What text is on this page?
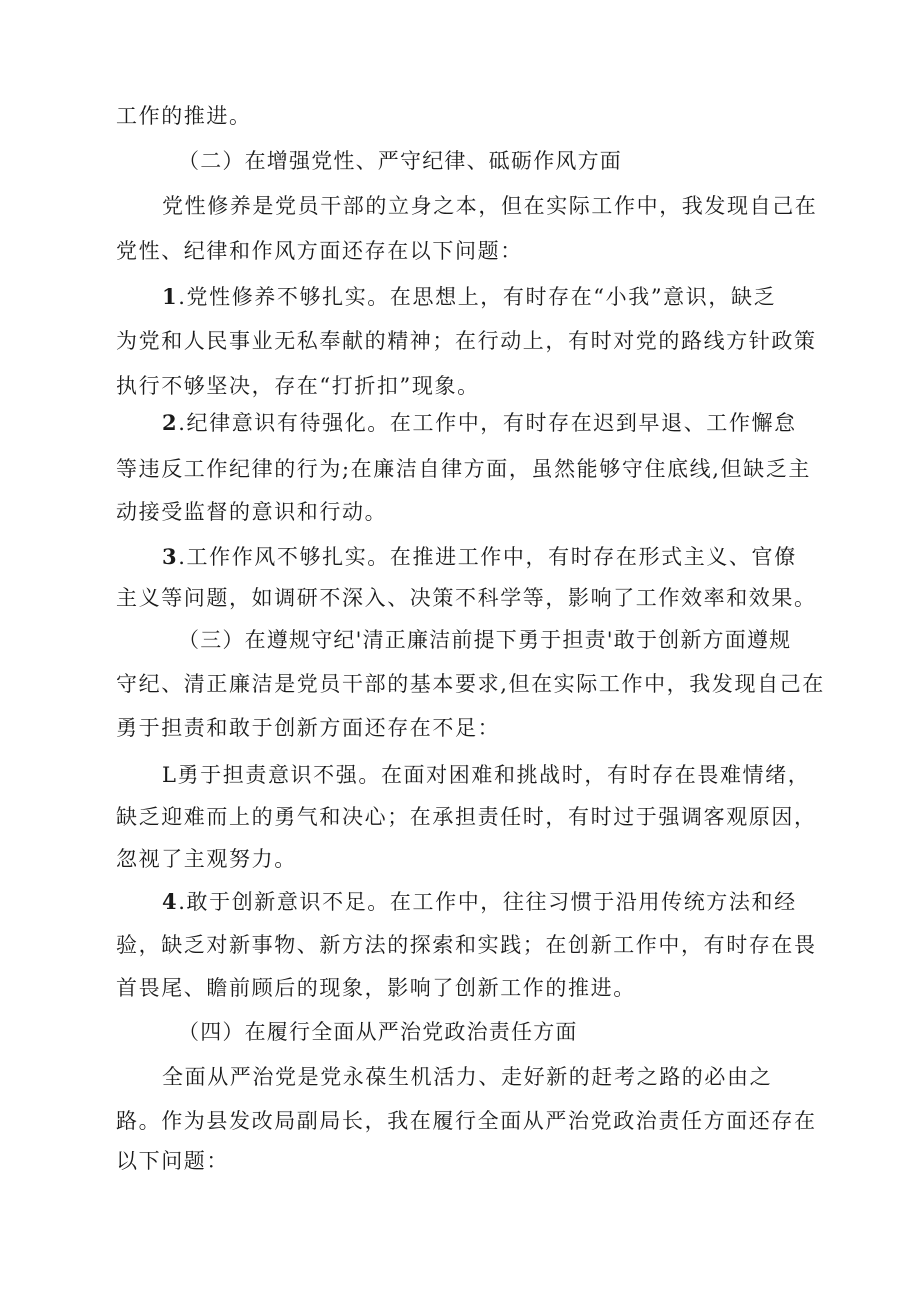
工作的推进。
（二）在增强党性、严守纪律、砥砺作风方面
党性修养是党员干部的立身之本，但在实际工作中，我发现自己在
党性、纪律和作风方面还存在以下问题：
1.党性修养不够扎实。在思想上，有时存在“小我”意识，缺乏
为党和人民事业无私奉献的精神；在行动上，有时对党的路线方针政策
执行不够坚决，存在“打折扣”现象。
2.纪律意识有待强化。在工作中，有时存在迟到早退、工作懈怠
等违反工作纪律的行为;在廉洁自律方面，虽然能够守住底线,但缺乏主
动接受监督的意识和行动。
3.工作作风不够扎实。在推进工作中，有时存在形式主义、官僚
主义等问题，如调研不深入、决策不科学等，影响了工作效率和效果。
（三）在遵规守纪'清正廉洁前提下勇于担责'敢于创新方面遵规
守纪、清正廉洁是党员干部的基本要求,但在实际工作中，我发现自己在
勇于担责和敢于创新方面还存在不足：
L勇于担责意识不强。在面对困难和挑战时，有时存在畏难情绪，
缺乏迎难而上的勇气和决心；在承担责任时，有时过于强调客观原因，
忽视了主观努力。
4.敢于创新意识不足。在工作中，往往习惯于沿用传统方法和经
验，缺乏对新事物、新方法的探索和实践；在创新工作中，有时存在畏
首畏尾、瞻前顾后的现象，影响了创新工作的推进。
（四）在履行全面从严治党政治责任方面
全面从严治党是党永葆生机活力、走好新的赶考之路的必由之
路。作为县发改局副局长，我在履行全面从严治党政治责任方面还存在
以下问题：
